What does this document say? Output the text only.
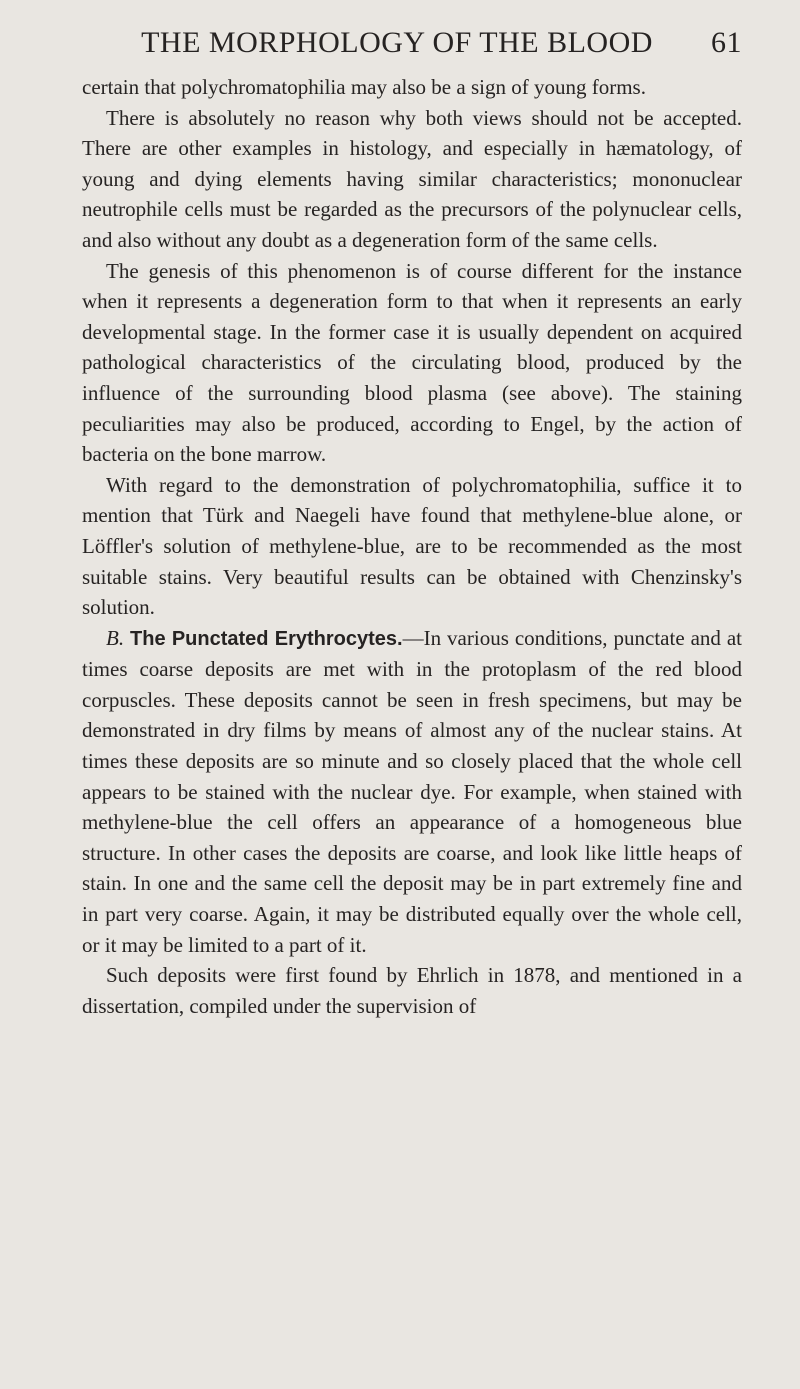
THE MORPHOLOGY OF THE BLOOD 61

certain that polychromatophilia may also be a sign of young forms.

There is absolutely no reason why both views should not be accepted. There are other examples in histology, and especially in hæmatology, of young and dying elements having similar characteristics; mononuclear neutrophile cells must be regarded as the precursors of the polynuclear cells, and also without any doubt as a degeneration form of the same cells.

The genesis of this phenomenon is of course different for the instance when it represents a degeneration form to that when it represents an early developmental stage. In the former case it is usually dependent on acquired pathological characteristics of the circulating blood, produced by the influence of the surrounding blood plasma (see above). The staining peculiarities may also be produced, according to Engel, by the action of bacteria on the bone marrow.

With regard to the demonstration of polychromatophilia, suffice it to mention that Türk and Naegeli have found that methylene-blue alone, or Löffler's solution of methylene-blue, are to be recommended as the most suitable stains. Very beautiful results can be obtained with Chenzinsky's solution.

B. The Punctated Erythrocytes.—In various conditions, punctate and at times coarse deposits are met with in the protoplasm of the red blood corpuscles. These deposits cannot be seen in fresh specimens, but may be demonstrated in dry films by means of almost any of the nuclear stains. At times these deposits are so minute and so closely placed that the whole cell appears to be stained with the nuclear dye. For example, when stained with methylene-blue the cell offers an appearance of a homogeneous blue structure. In other cases the deposits are coarse, and look like little heaps of stain. In one and the same cell the deposit may be in part extremely fine and in part very coarse. Again, it may be distributed equally over the whole cell, or it may be limited to a part of it.

Such deposits were first found by Ehrlich in 1878, and mentioned in a dissertation, compiled under the supervision of
